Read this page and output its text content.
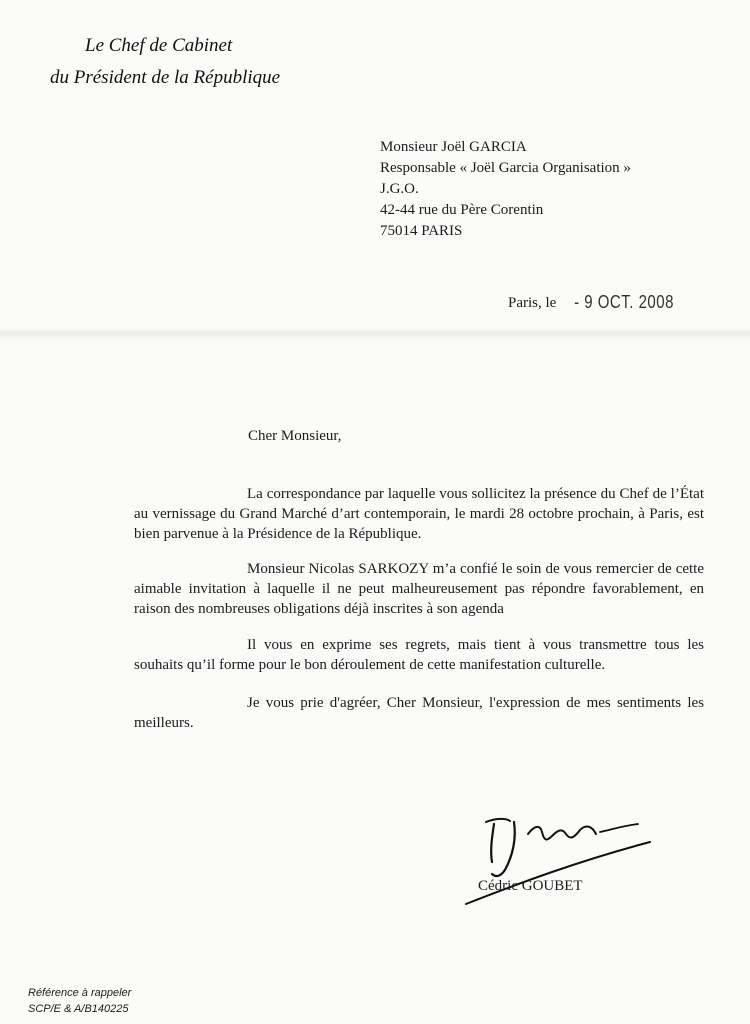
Le Chef de Cabinet
du Président de la République
Monsieur Joël GARCIA
Responsable « Joël Garcia Organisation »
J.G.O.
42-44 rue du Père Corentin
75014 PARIS
Paris, le - 9 OCT. 2008
Cher Monsieur,
La correspondance par laquelle vous sollicitez la présence du Chef de l’État au vernissage du Grand Marché d’art contemporain, le mardi 28 octobre prochain, à Paris, est bien parvenue à la Présidence de la République.
Monsieur Nicolas SARKOZY m’a confié le soin de vous remercier de cette aimable invitation à laquelle il ne peut malheureusement pas répondre favorablement, en raison des nombreuses obligations déjà inscrites à son agenda
Il vous en exprime ses regrets, mais tient à vous transmettre tous les souhaits qu’il forme pour le bon déroulement de cette manifestation culturelle.
Je vous prie d'agréer, Cher Monsieur, l'expression de mes sentiments les meilleurs.
Cédric GOUBET
Référence à rappeler
SCP/E & A/B140225
